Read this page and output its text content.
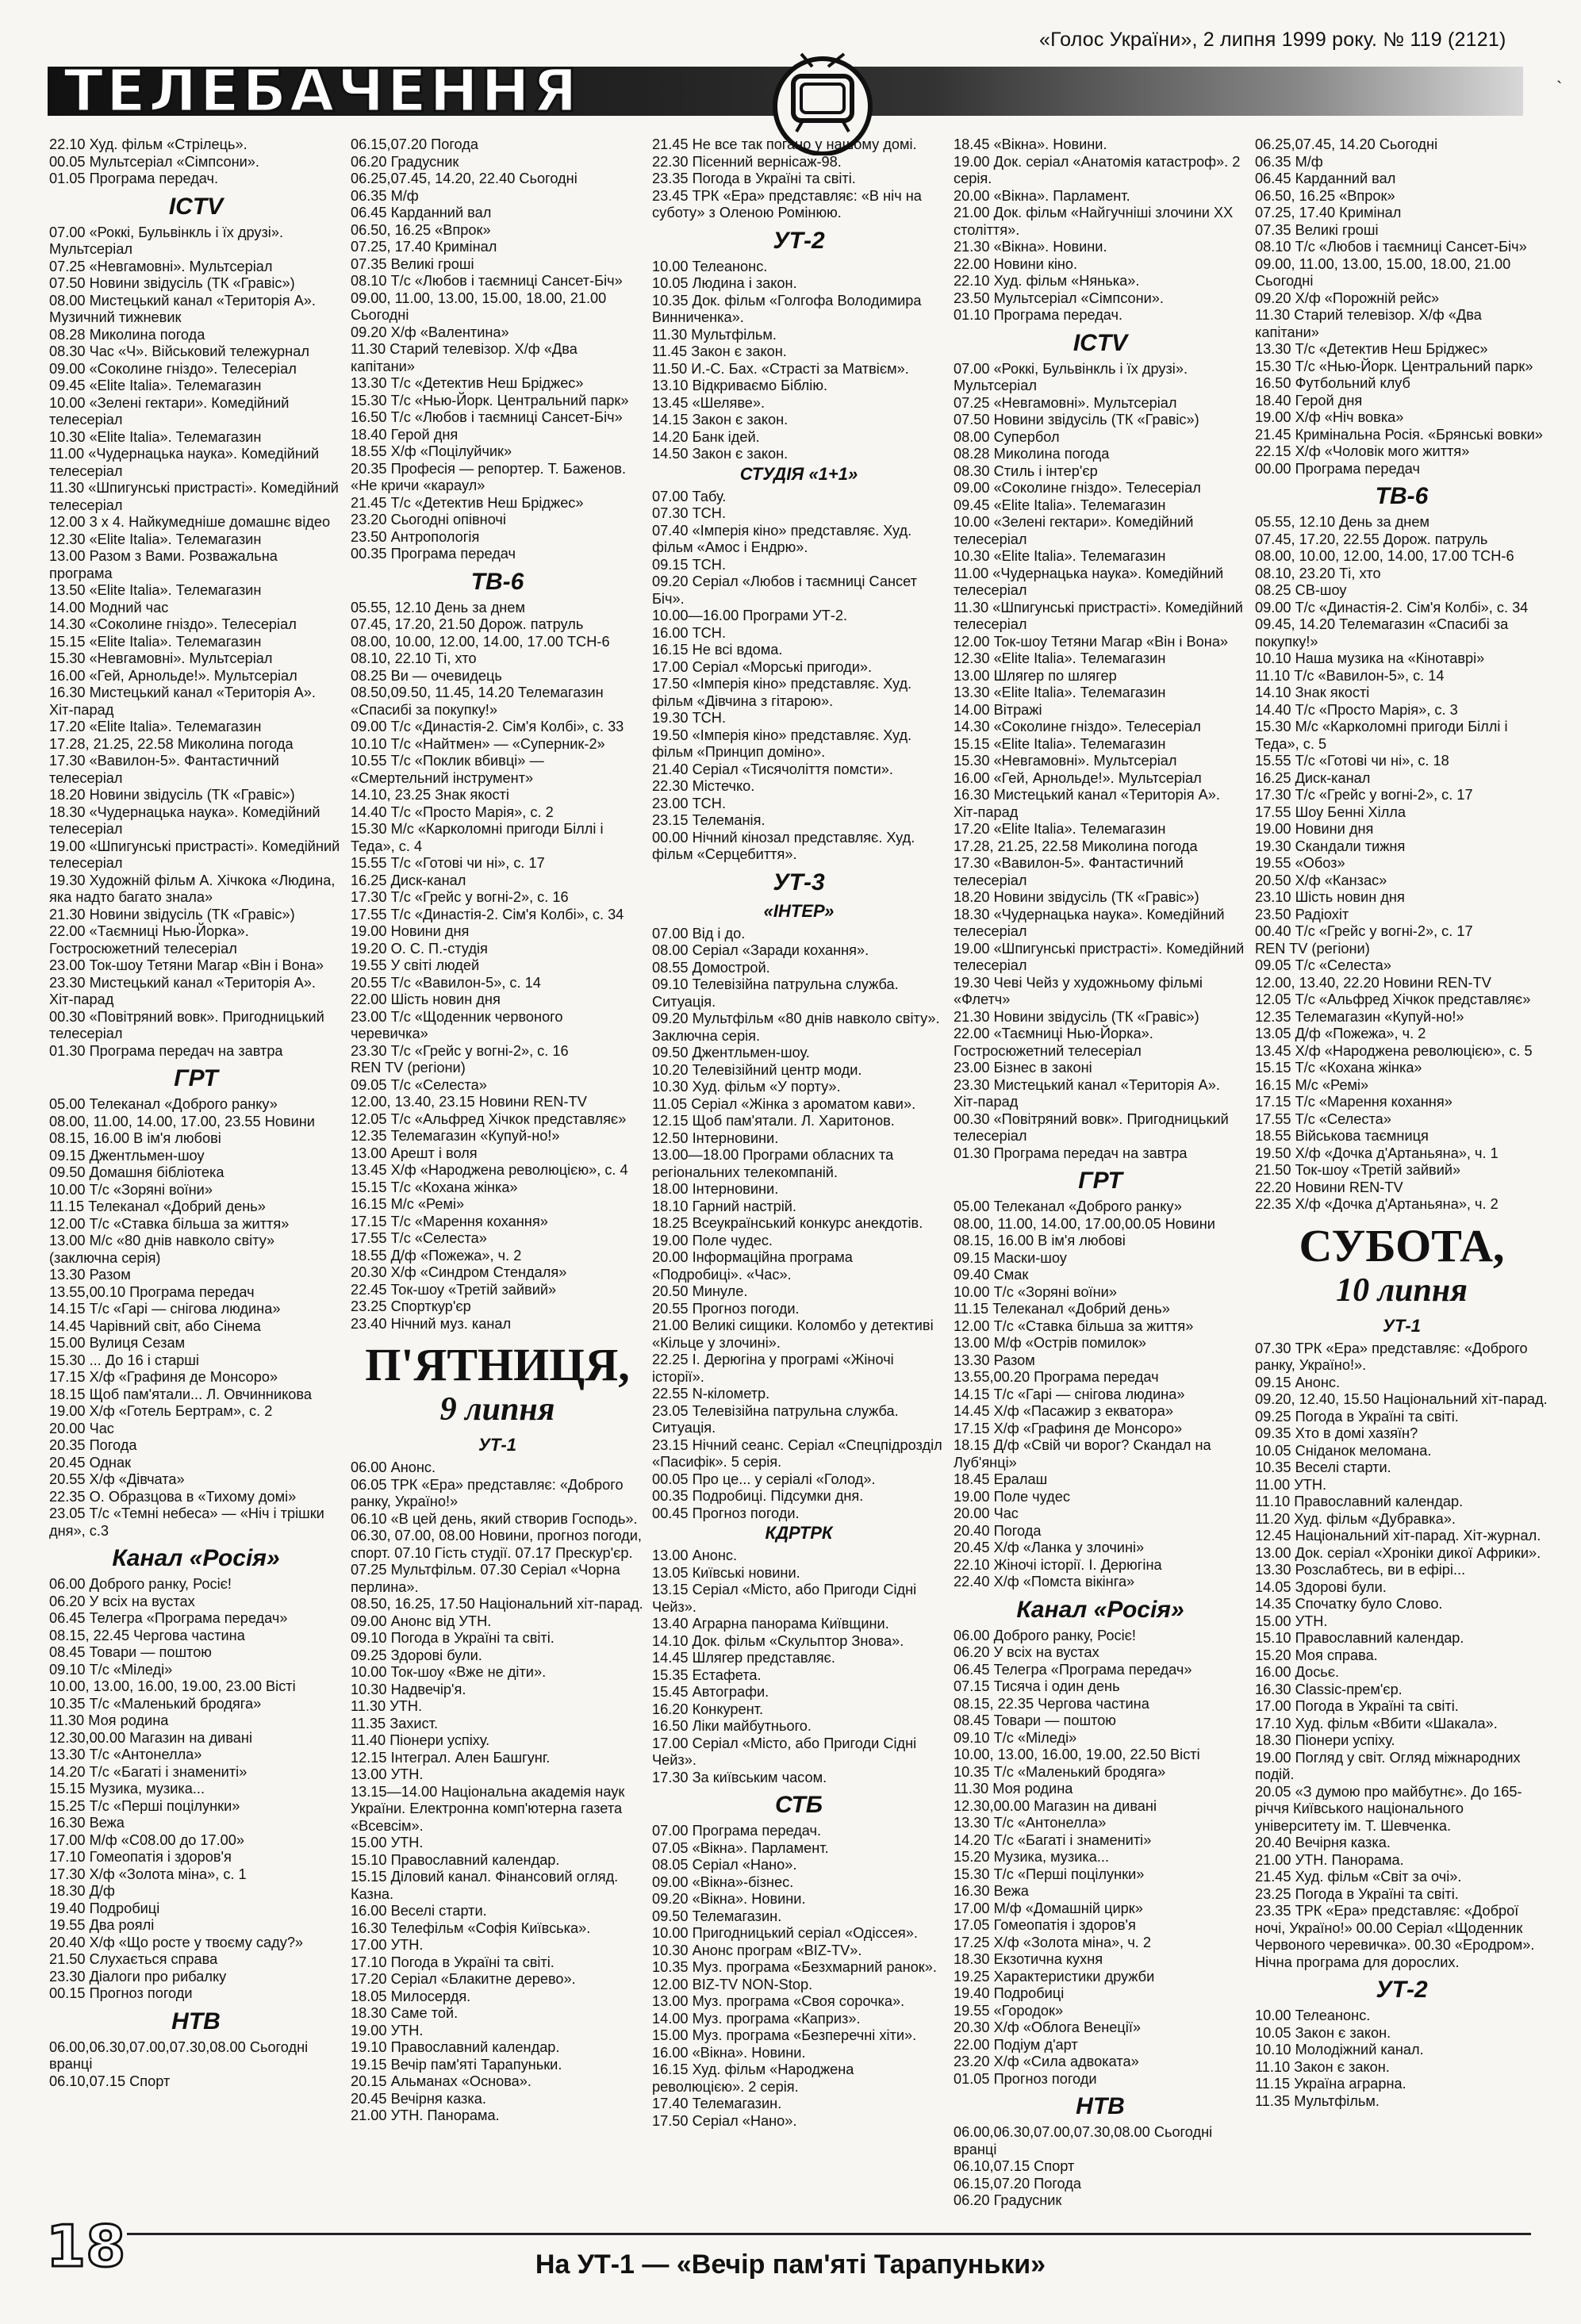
«Голос України», 2 липня 1999 року. № 119 (2121)
ТЕЛЕБАЧЕННЯ
22.10 Худ. фільм «Стрілець».
00.05 Мультсеріал «Сімпсони».
01.05 Програма передач.
ICTV
07.00 «Роккі, Бульвінкль і їх друзі». Мультсеріал
07.25 «Невгамовні». Мультсеріал
07.50 Новини звідусіль (ТК «Гравіс»)
08.00 Мистецький канал «Територія А». Музичний тижневик
08.28 Миколина погода
08.30 Час «Ч». Військовий тележурнал
09.00 «Соколине гніздо». Телесеріал
09.45 «Elite Italia». Телемагазин
10.00 «Зелені гектари». Комедійний телесеріал
10.30 «Elite Italia». Телемагазин
11.00 «Чудернацька наука». Комедійний телесеріал
11.30 «Шпигунські пристрасті». Комедійний телесеріал
12.00 3 х 4. Найкумедніше домашнє відео
12.30 «Elite Italia». Телемагазин
13.00 Разом з Вами. Розважальна програма
13.50 «Elite Italia». Телемагазин
14.00 Модний час
14.30 «Соколине гніздо». Телесеріал
15.15 «Elite Italia». Телемагазин
15.30 «Невгамовні». Мультсеріал
16.00 «Гей, Арнольде!». Мультсеріал
16.30 Мистецький канал «Територія А». Хіт-парад
17.20 «Elite Italia». Телемагазин
17.28, 21.25, 22.58 Миколина погода
17.30 «Вавилон-5». Фантастичний телесеріал
18.20 Новини звідусіль (ТК «Гравіс»)
18.30 «Чудернацька наука». Комедійний телесеріал
19.00 «Шпигунські пристрасті». Комедійний телесеріал
19.30 Художній фільм А. Хічкока «Людина, яка надто багато знала»
21.30 Новини звідусіль (ТК «Гравіс»)
22.00 «Таємниці Нью-Йорка». Гостросюжетний телесеріал
23.00 Ток-шоу Тетяни Магар «Він і Вона»
23.30 Мистецький канал «Територія А». Хіт-парад
00.30 «Повітряний вовк». Пригодницький телесеріал
01.30 Програма передач на завтра
ГРТ
05.00 Телеканал «Доброго ранку»
08.00, 11.00, 14.00, 17.00, 23.55 Новини
08.15, 16.00 В ім'я любові
09.15 Джентльмен-шоу
09.50 Домашня бібліотека
10.00 Т/с «Зоряні воїни»
11.15 Телеканал «Добрий день»
12.00 Т/с «Ставка більша за життя»
13.00 М/с «80 днів навколо світу» (заключна серія)
13.30 Разом
13.55,00.10 Програма передач
14.15 Т/с «Гарі — снігова людина»
14.45 Чарівний світ, або Сінема
15.00 Вулиця Сезам
15.30 ... До 16 і старші
17.15 Х/ф «Графиня де Монсоро»
18.15 Щоб пам'ятали... Л. Овчинникова
19.00 Х/ф «Готель Бертрам», с. 2
20.00 Час
20.35 Погода
20.45 Однак
20.55 Х/ф «Дівчата»
22.35 О. Образцова в «Тихому домі»
23.05 Т/с «Темні небеса» — «Ніч і трішки дня», с.3
Канал «Росія»
06.00 Доброго ранку, Росіє!
06.20 У всіх на вустах
06.45 Телегра «Програма передач»
08.15, 22.45 Чергова частина
08.45 Товари — поштою
09.10 Т/с «Міледі»
10.00, 13.00, 16.00, 19.00, 23.00 Вісті
10.35 Т/с «Маленький бродяга»
11.30 Моя родина
12.30,00.00 Магазин на дивані
13.30 Т/с «Антонелла»
14.20 Т/с «Багаті і знамениті»
15.15 Музика, музика...
15.25 Т/с «Перші поцілунки»
16.30 Вежа
17.00 М/ф «С08.00 до 17.00»
17.10 Гомеопатія і здоров'я
17.30 Х/ф «Золота міна», с. 1
18.30 Д/ф
19.40 Подробиці
19.55 Два роялі
20.40 Х/ф «Що росте у твоєму саду?»
21.50 Слухається справа
23.30 Діалоги про рибалку
00.15 Прогноз погоди
НТВ
06.00,06.30,07.00,07.30,08.00 Сьогодні вранці
06.10,07.15 Спорт
06.15,07.20 Погода
06.20 Градусник
06.25,07.45, 14.20, 22.40 Сьогодні
06.35 М/ф
06.45 Карданний вал
06.50, 16.25 «Впрок»
07.25, 17.40 Кримінал
07.35 Великі гроші
08.10 Т/с «Любов і таємниці Сансет-Біч»
09.00, 11.00, 13.00, 15.00, 18.00, 21.00 Сьогодні
09.20 Х/ф «Валентина»
11.30 Старий телевізор. Х/ф «Два капітани»
13.30 Т/с «Детектив Неш Бріджес»
15.30 Т/с «Нью-Йорк. Центральний парк»
16.50 Т/с «Любов і таємниці Сансет-Біч»
18.40 Герой дня
18.55 Х/ф «Поцілуйчик»
20.35 Професія — репортер. Т. Баженов. «Не кричи «караул»
21.45 Т/с «Детектив Неш Бріджес»
23.20 Сьогодні опівночі
23.50 Антропологія
00.35 Програма передач
ТВ-6
05.55, 12.10 День за днем
07.45, 17.20, 21.50 Дорож. патруль
08.00, 10.00, 12.00, 14.00, 17.00 ТСН-6
08.10, 22.10 Ті, хто
08.25 Ви — очевидець
08.50,09.50, 11.45, 14.20 Телемагазин «Спасибі за покупку!»
09.00 Т/с «Династія-2. Сім'я Колбі», с. 33
10.10 Т/с «Найтмен» — «Суперник-2»
10.55 Т/с «Поклик вбивці» — «Смертельний інструмент»
14.10, 23.25 Знак якості
14.40 Т/с «Просто Марія», с. 2
15.30 М/с «Карколомні пригоди Біллі і Теда», с. 4
15.55 Т/с «Готові чи ні», с. 17
16.25 Диск-канал
17.30 Т/с «Грейс у вогні-2», с. 16
17.55 Т/с «Династія-2. Сім'я Колбі», с. 34
19.00 Новини дня
19.20 О. С. П.-студія
19.55 У світі людей
20.55 Т/с «Вавилон-5», с. 14
22.00 Шість новин дня
23.00 Т/с «Щоденник червоного черевичка»
23.30 Т/с «Грейс у вогні-2», с. 16
REN TV (регіони)
09.05 Т/с «Селеста»
12.00, 13.40, 23.15 Новини REN-TV
12.05 Т/с «Альфред Хічкок представляє»
12.35 Телемагазин «Купуй-но!»
13.00 Арешт і воля
13.45 Х/ф «Народжена революцією», с. 4
15.15 Т/с «Кохана жінка»
16.15 М/с «Ремі»
17.15 Т/с «Марення кохання»
17.55 Т/с «Селеста»
18.55 Д/ф «Пожежа», ч. 2
20.30 Х/ф «Синдром Стендаля»
22.45 Ток-шоу «Третій зайвий»
23.25 Спорткур'єр
23.40 Нічний муз. канал
П'ЯТНИЦЯ,
9 липня
УТ-1
06.00 Анонс.
06.05 ТРК «Ера» представляє: «Доброго ранку, Україно!»
06.10 «В цей день, який створив Господь». 06.30, 07.00, 08.00 Новини, прогноз погоди, спорт. 07.10 Гість студії. 07.17 Прескур'єр. 07.25 Мультфільм. 07.30 Серіал «Чорна перлина».
08.50, 16.25, 17.50 Національний хіт-парад.
09.00 Анонс від УТН.
09.10 Погода в Україні та світі.
09.25 Здорові були.
10.00 Ток-шоу «Вже не діти».
10.30 Надвечір'я.
11.30 УТН.
11.35 Захист.
11.40 Піонери успіху.
12.15 Інтеграл. Ален Башгунг.
13.00 УТН.
13.15—14.00 Національна академія наук України. Електронна комп'ютерна газета «Всевсім».
15.00 УТН.
15.10 Православний календар.
15.15 Діловий канал. Фінансовий огляд. Казна.
16.00 Веселі старти.
16.30 Телефільм «Софія Київська».
17.00 УТН.
17.10 Погода в Україні та світі.
17.20 Серіал «Блакитне дерево».
18.05 Милосердя.
18.30 Саме той.
19.00 УТН.
19.10 Православний календар.
19.15 Вечір пам'яті Тарапуньки.
20.15 Альманах «Основа».
20.45 Вечірня казка.
21.00 УТН. Панорама.
21.45 Не все так погано у нашому домі.
22.30 Пісенний вернісаж-98.
23.35 Погода в Україні та світі.
23.45 ТРК «Ера» представляє: «В ніч на суботу» з Оленою Ромінюю.
УТ-2
10.00 Телеанонс.
10.05 Людина і закон.
10.35 Док. фільм «Голгофа Володимира Винниченка».
11.30 Мультфільм.
11.45 Закон є закон.
11.50 И.-С. Бах. «Страсті за Матвієм».
13.10 Відкриваємо Біблію.
13.45 «Шеляве».
14.15 Закон є закон.
14.20 Банк ідей.
14.50 Закон є закон.
СТУДІЯ «1+1»
07.00 Табу.
07.30 ТСН.
07.40 «Імперія кіно» представляє. Худ. фільм «Амос і Ендрю».
09.15 ТСН.
09.20 Серіал «Любов і таємниці Сансет Біч».
10.00—16.00 Програми УТ-2.
16.00 ТСН.
16.15 Не всі вдома.
17.00 Серіал «Морські пригоди».
17.50 «Імперія кіно» представляє. Худ. фільм «Дівчина з гітарою».
19.30 ТСН.
19.50 «Імперія кіно» представляє. Худ. фільм «Принцип доміно».
21.40 Серіал «Тисячоліття помсти».
22.30 Містечко.
23.00 ТСН.
23.15 Телеманія.
00.00 Нічний кінозал представляє. Худ. фільм «Серцебиття».
УТ-3
«ІНТЕР»
07.00 Від і до.
08.00 Серіал «Заради кохання».
08.55 Домострой.
09.10 Телевізійна патрульна служба. Ситуація.
09.20 Мультфільм «80 днів навколо світу». Заключна серія.
09.50 Джентльмен-шоу.
10.20 Телевізійний центр моди.
10.30 Худ. фільм «У порту».
11.05 Серіал «Жінка з ароматом кави».
12.15 Щоб пам'ятали. Л. Харитонов.
12.50 Інтерновини.
13.00—18.00 Програми обласних та регіональних телекомпаній.
18.00 Інтерновини.
18.10 Гарний настрій.
18.25 Всеукраїнський конкурс анекдотів.
19.00 Поле чудес.
20.00 Інформаційна програма «Подробиці». «Час».
20.50 Минуле.
20.55 Прогноз погоди.
21.00 Великі сищики. Коломбо у детективі «Кільце у злочині».
22.25 І. Дерюгіна у програмі «Жіночі історії».
22.55 N-кілометр.
23.05 Телевізійна патрульна служба. Ситуація.
23.15 Нічний сеанс. Серіал «Спецпідрозділ «Пасифік». 5 серія.
00.05 Про це... у серіалі «Голод».
00.35 Подробиці. Підсумки дня.
00.45 Прогноз погоди.
КДРТРК
13.00 Анонс.
13.05 Київські новини.
13.15 Серіал «Місто, або Пригоди Сідні Чейз».
13.40 Аграрна панорама Київщини.
14.10 Док. фільм «Скульптор Знова».
14.45 Шлягер представляє.
15.35 Естафета.
15.45 Автографи.
16.20 Конкурент.
16.50 Ліки майбутнього.
17.00 Серіал «Місто, або Пригоди Сідні Чейз».
17.30 За київським часом.
СТБ
07.00 Програма передач.
07.05 «Вікна». Парламент.
08.05 Серіал «Нано».
09.00 «Вікна»-бізнес.
09.20 «Вікна». Новини.
09.50 Телемагазин.
10.00 Пригодницький серіал «Одіссея».
10.30 Анонс програм «BIZ-TV».
10.35 Муз. програма «Безхмарний ранок».
12.00 BIZ-TV NON-Stop.
13.00 Муз. програма «Своя сорочка».
14.00 Муз. програма «Каприз».
15.00 Муз. програма «Безперечні хіти».
16.00 «Вікна». Новини.
16.15 Худ. фільм «Народжена революцією». 2 серія.
17.40 Телемагазин.
17.50 Серіал «Нано».
18.45 «Вікна». Новини.
19.00 Док. серіал «Анатомія катастроф». 2 серія.
20.00 «Вікна». Парламент.
21.00 Док. фільм «Найгучніші злочини ХХ століття».
21.30 «Вікна». Новини.
22.00 Новини кіно.
22.10 Худ. фільм «Нянька».
23.50 Мультсеріал «Сімпсони».
01.10 Програма передач.
ICTV
07.00 «Роккі, Бульвінкль і їх друзі». Мультсеріал
07.25 «Невгамовні». Мультсеріал
07.50 Новини звідусіль (ТК «Гравіс»)
08.00 Супербол
08.28 Миколина погода
08.30 Стиль і інтер'єр
09.00 «Соколине гніздо». Телесеріал
09.45 «Elite Italia». Телемагазин
10.00 «Зелені гектари». Комедійний телесеріал
10.30 «Elite Italia». Телемагазин
11.00 «Чудернацька наука». Комедійний телесеріал
11.30 «Шпигунські пристрасті». Комедійний телесеріал
12.00 Ток-шоу Тетяни Магар «Він і Вона»
12.30 «Elite Italia». Телемагазин
13.00 Шлягер по шлягер
13.30 «Elite Italia». Телемагазин
14.00 Вітражі
14.30 «Соколине гніздо». Телесеріал
15.15 «Elite Italia». Телемагазин
15.30 «Невгамовні». Мультсеріал
16.00 «Гей, Арнольде!». Мультсеріал
16.30 Мистецький канал «Територія А». Хіт-парад
17.20 «Elite Italia». Телемагазин
17.28, 21.25, 22.58 Миколина погода
17.30 «Вавилон-5». Фантастичний телесеріал
18.20 Новини звідусіль (ТК «Гравіс»)
18.30 «Чудернацька наука». Комедійний телесеріал
19.00 «Шпигунські пристрасті». Комедійний телесеріал
19.30 Чеві Чейз у художньому фільмі «Флетч»
21.30 Новини звідусіль (ТК «Гравіс»)
22.00 «Таємниці Нью-Йорка». Гостросюжетний телесеріал
23.00 Бізнес в законі
23.30 Мистецький канал «Територія А». Хіт-парад
00.30 «Повітряний вовк». Пригодницький телесеріал
01.30 Програма передач на завтра
ГРТ
05.00 Телеканал «Доброго ранку»
08.00, 11.00, 14.00, 17.00,00.05 Новини
08.15, 16.00 В ім'я любові
09.15 Маски-шоу
09.40 Смак
10.00 Т/с «Зоряні воїни»
11.15 Телеканал «Добрий день»
12.00 Т/с «Ставка більша за життя»
13.00 М/ф «Острів помилок»
13.30 Разом
13.55,00.20 Програма передач
14.15 Т/с «Гарі — снігова людина»
14.45 Х/ф «Пасажир з екватора»
17.15 Х/ф «Графиня де Монсоро»
18.15 Д/ф «Свій чи ворог? Скандал на Луб'янці»
18.45 Ералаш
19.00 Поле чудес
20.00 Час
20.40 Погода
20.45 Х/ф «Ланка у злочині»
22.10 Жіночі історії. І. Дерюгіна
22.40 Х/ф «Помста вікінга»
Канал «Росія»
06.00 Доброго ранку, Росіє!
06.20 У всіх на вустах
06.45 Телегра «Програма передач»
07.15 Тисяча і один день
08.15, 22.35 Чергова частина
08.45 Товари — поштою
09.10 Т/с «Міледі»
10.00, 13.00, 16.00, 19.00, 22.50 Вісті
10.35 Т/с «Маленький бродяга»
11.30 Моя родина
12.30,00.00 Магазин на дивані
13.30 Т/с «Антонелла»
14.20 Т/с «Багаті і знамениті»
15.20 Музика, музика...
15.30 Т/с «Перші поцілунки»
16.30 Вежа
17.00 М/ф «Домашній цирк»
17.05 Гомеопатія і здоров'я
17.25 Х/ф «Золота міна», ч. 2
18.30 Екзотична кухня
19.25 Характеристики дружби
19.40 Подробиці
19.55 «Городок»
20.30 Х/ф «Облога Венеції»
22.00 Подіум д'арт
23.20 Х/ф «Сила адвоката»
01.05 Прогноз погоди
НТВ
06.00,06.30,07.00,07.30,08.00 Сьогодні вранці
06.10,07.15 Спорт
06.15,07.20 Погода
06.20 Градусник
06.25,07.45, 14.20 Сьогодні
06.35 М/ф
06.45 Карданний вал
06.50, 16.25 «Впрок»
07.25, 17.40 Кримінал
07.35 Великі гроші
08.10 Т/с «Любов і таємниці Сансет-Біч»
09.00, 11.00, 13.00, 15.00, 18.00, 21.00 Сьогодні
09.20 Х/ф «Порожній рейс»
11.30 Старий телевізор. Х/ф «Два капітани»
13.30 Т/с «Детектив Неш Бріджес»
15.30 Т/с «Нью-Йорк. Центральний парк»
16.50 Футбольний клуб
18.40 Герой дня
19.00 Х/ф «Ніч вовка»
21.45 Кримінальна Росія. «Брянські вовки»
22.15 Х/ф «Чоловік мого життя»
00.00 Програма передач
ТВ-6
05.55, 12.10 День за днем
07.45, 17.20, 22.55 Дорож. патруль
08.00, 10.00, 12.00, 14.00, 17.00 ТСН-6
08.10, 23.20 Ті, хто
08.25 СВ-шоу
09.00 Т/с «Династія-2. Сім'я Колбі», с. 34
09.45, 14.20 Телемагазин «Спасибі за покупку!»
10.10 Наша музика на «Кінотаврі»
11.10 Т/с «Вавилон-5», с. 14
14.10 Знак якості
14.40 Т/с «Просто Марія», с. 3
15.30 М/с «Карколомні пригоди Біллі і Теда», с. 5
15.55 Т/с «Готові чи ні», с. 18
16.25 Диск-канал
17.30 Т/с «Грейс у вогні-2», с. 17
17.55 Шоу Бенні Хілла
19.00 Новини дня
19.30 Скандали тижня
19.55 «Обоз»
20.50 Х/ф «Канзас»
23.10 Шість новин дня
23.50 Радіохіт
00.40 Т/с «Грейс у вогні-2», с. 17
REN TV (регіони)
09.05 Т/с «Селеста»
12.00, 13.40, 22.20 Новини REN-TV
12.05 Т/с «Альфред Хічкок представляє»
12.35 Телемагазин «Купуй-но!»
13.05 Д/ф «Пожежа», ч. 2
13.45 Х/ф «Народжена революцією», с. 5
15.15 Т/с «Кохана жінка»
16.15 М/с «Ремі»
17.15 Т/с «Марення кохання»
17.55 Т/с «Селеста»
18.55 Військова таємниця
19.50 Х/ф «Дочка д'Артаньяна», ч. 1
21.50 Ток-шоу «Третій зайвий»
22.20 Новини REN-TV
22.35 Х/ф «Дочка д'Артаньяна», ч. 2
СУБОТА,
10 липня
УТ-1
07.30 ТРК «Ера» представляє: «Доброго ранку, Україно!».
09.15 Анонс.
09.20, 12.40, 15.50 Національний хіт-парад.
09.25 Погода в Україні та світі.
09.35 Хто в домі хазяїн?
10.05 Сніданок меломана.
10.35 Веселі старти.
11.00 УТН.
11.10 Православний календар.
11.20 Худ. фільм «Дубравка».
12.45 Національний хіт-парад. Хіт-журнал.
13.00 Док. серіал «Хроніки дикої Африки».
13.30 Розслабтесь, ви в ефірі...
14.05 Здорові були.
14.35 Спочатку було Слово.
15.00 УТН.
15.10 Православний календар.
15.20 Моя справа.
16.00 Досьє.
16.30 Classic-прем'єр.
17.00 Погода в Україні та світі.
17.10 Худ. фільм «Вбити «Шакала».
18.30 Піонери успіху.
19.00 Погляд у світ. Огляд міжнародних подій.
20.05 «З думою про майбутнє». До 165-річчя Київського національного університету ім. Т. Шевченка.
20.40 Вечірня казка.
21.00 УТН. Панорама.
21.45 Худ. фільм «Світ за очі».
23.25 Погода в Україні та світі.
23.35 ТРК «Ера» представляє: «Доброї ночі, Україно!» 00.00 Серіал «Щоденник Червоного черевичка». 00.30 «Еродром». Нічна програма для дорослих.
УТ-2
10.00 Телеанонс.
10.05 Закон є закон.
10.10 Молодіжний канал.
11.10 Закон є закон.
11.15 Україна аграрна.
11.35 Мультфільм.
18	На УТ-1 — «Вечір пам'яті Тарапуньки»
`
